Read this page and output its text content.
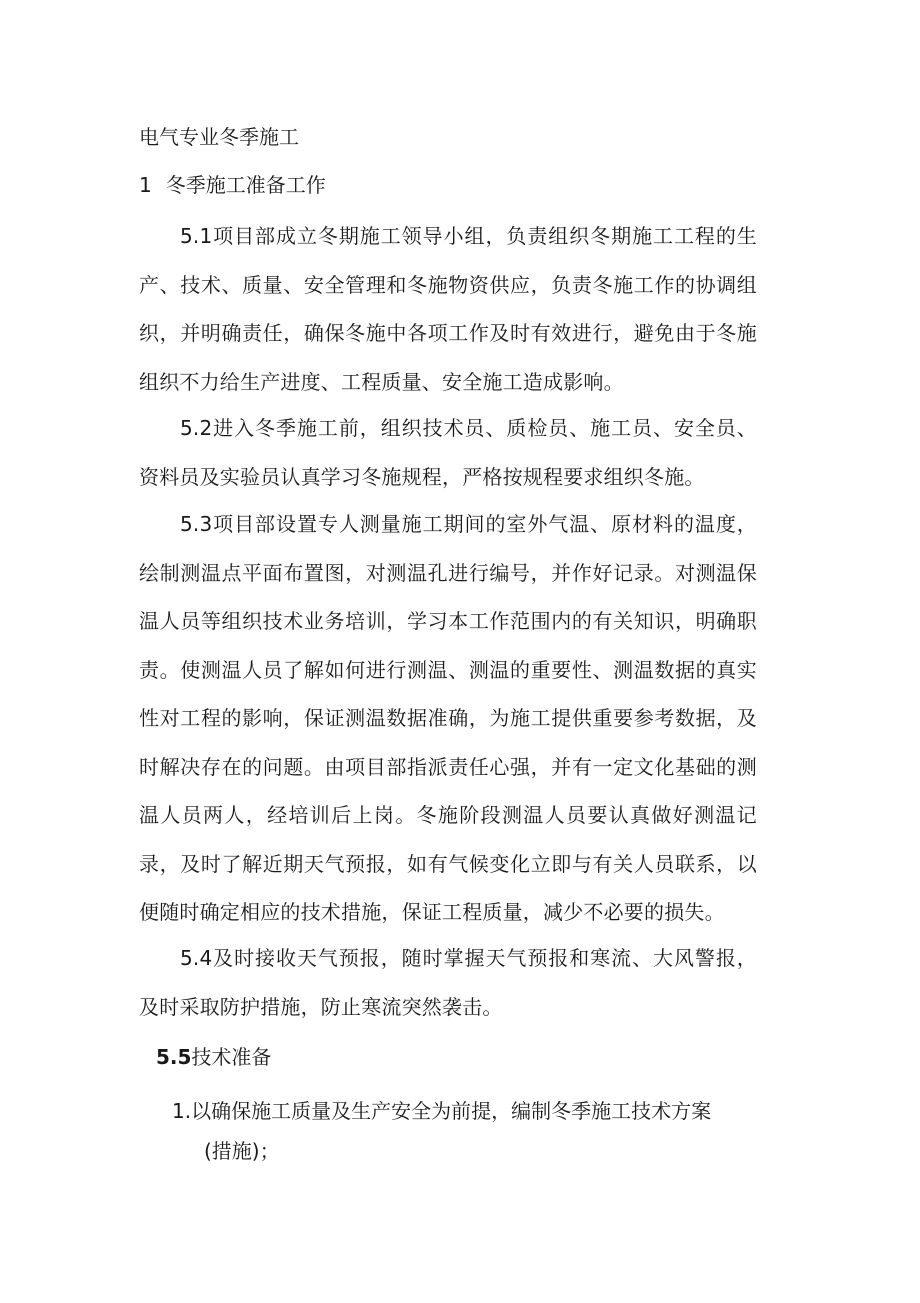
电气专业冬季施工
1 冬季施工准备工作

5.1项目部成立冬期施工领导小组，负责组织冬期施工工程的生产、技术、质量、安全管理和冬施物资供应，负责冬施工作的协调组织，并明确责任，确保冬施中各项工作及时有效进行，避免由于冬施组织不力给生产进度、工程质量、安全施工造成影响。

5.2进入冬季施工前，组织技术员、质检员、施工员、安全员、资料员及实验员认真学习冬施规程，严格按规程要求组织冬施。

5.3项目部设置专人测量施工期间的室外气温、原材料的温度，绘制测温点平面布置图，对测温孔进行编号，并作好记录。对测温保温人员等组织技术业务培训，学习本工作范围内的有关知识，明确职责。使测温人员了解如何进行测温、测温的重要性、测温数据的真实性对工程的影响，保证测温数据准确，为施工提供重要参考数据，及时解决存在的问题。由项目部指派责任心强，并有一定文化基础的测温人员两人，经培训后上岗。冬施阶段测温人员要认真做好测温记录，及时了解近期天气预报，如有气候变化立即与有关人员联系，以便随时确定相应的技术措施，保证工程质量，减少不必要的损失。

5.4及时接收天气预报，随时掌握天气预报和寒流、大风警报，及时采取防护措施，防止寒流突然袭击。

5.5技术准备

1.以确保施工质量及生产安全为前提，编制冬季施工技术方案
(措施)；
